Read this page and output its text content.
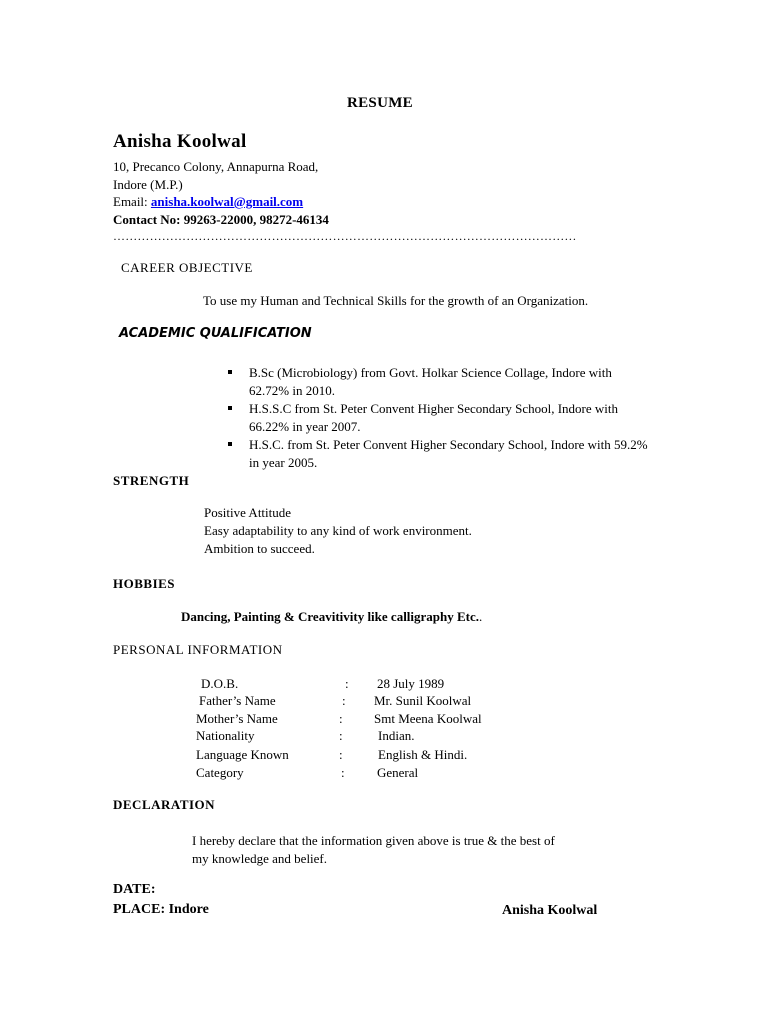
RESUME
Anisha Koolwal
10, Precanco Colony, Annapurna Road,
Indore (M.P.)
Email: anisha.koolwal@gmail.com
Contact No: 99263-22000, 98272-46134
……………………………………………………………………………………………………
CAREER OBJECTIVE
To use my Human and Technical Skills for the growth of an Organization.
ACADEMIC QUALIFICATION
B.Sc (Microbiology) from Govt. Holkar Science Collage, Indore with 62.72% in 2010.
H.S.S.C from St. Peter Convent Higher Secondary School, Indore with 66.22% in year 2007.
H.S.C. from St. Peter Convent Higher Secondary School, Indore with 59.2% in year 2005.
STRENGTH
Positive Attitude
Easy adaptability to any kind of work environment.
Ambition to succeed.
HOBBIES
Dancing, Painting & Creavitivity like calligraphy Etc..
PERSONAL INFORMATION
D.O.B.	: 28 July 1989
Father’s Name	: Mr. Sunil Koolwal
Mother’s Name	: Smt Meena Koolwal
Nationality	:	Indian.
Language Known	:	English & Hindi.
Category	: General
DECLARATION
I hereby declare that the information given above is true & the best of
my knowledge and belief.
DATE:
PLACE: Indore	Anisha Koolwal
